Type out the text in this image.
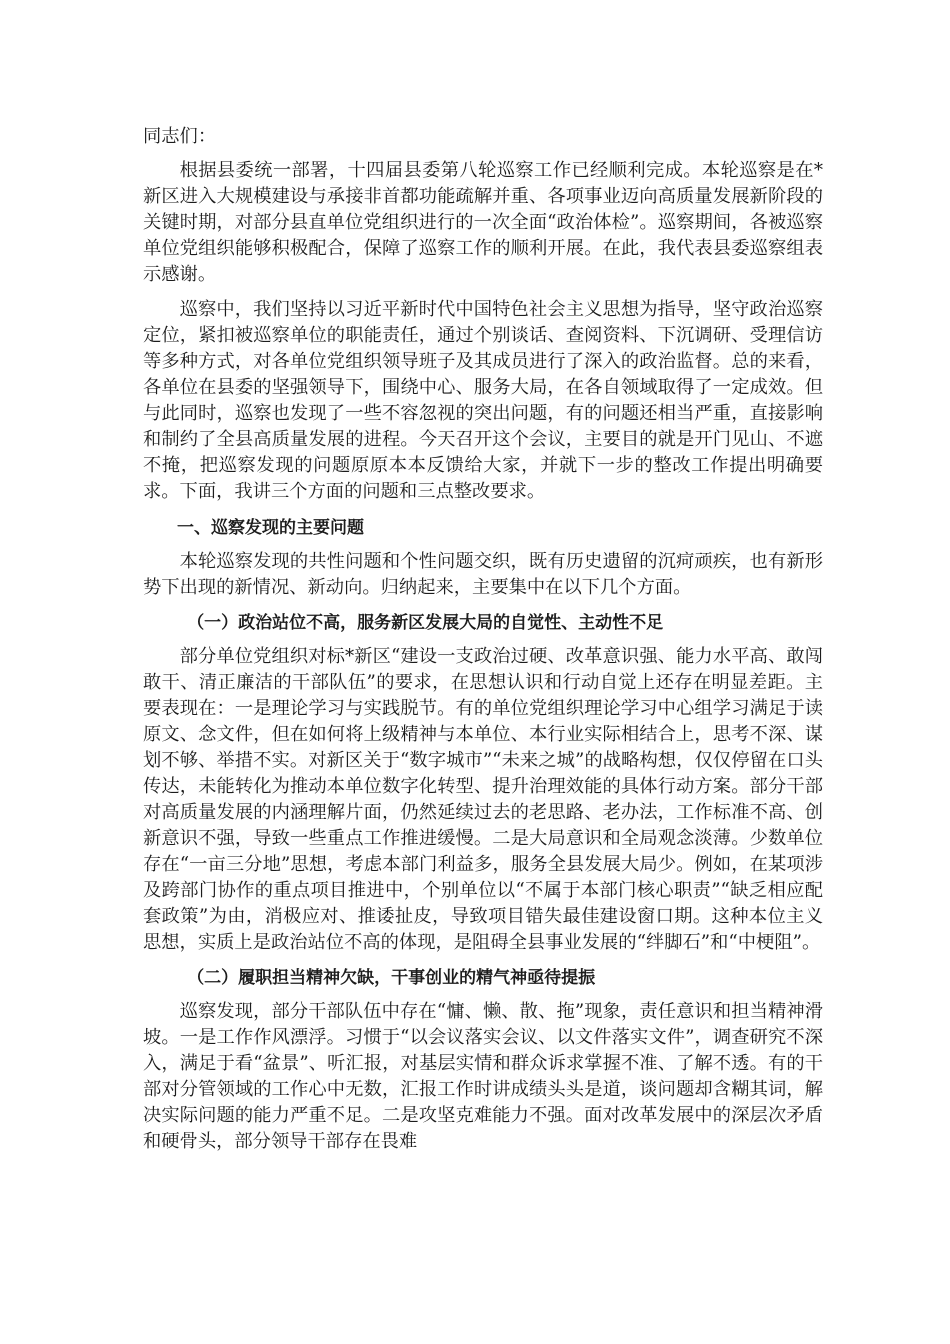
同志们：

根据县委统一部署，十四届县委第八轮巡察工作已经顺利完成。本轮巡察是在*新区进入大规模建设与承接非首都功能疏解并重、各项事业迈向高质量发展新阶段的关键时期，对部分县直单位党组织进行的一次全面“政治体检”。巡察期间，各被巡察单位党组织能够积极配合，保障了巡察工作的顺利开展。在此，我代表县委巡察组表示感谢。

巡察中，我们坚持以习近平新时代中国特色社会主义思想为指导，坚守政治巡察定位，紧扣被巡察单位的职能责任，通过个别谈话、查阅资料、下沉调研、受理信访等多种方式，对各单位党组织领导班子及其成员进行了深入的政治监督。总的来看，各单位在县委的坚强领导下，围绕中心、服务大局，在各自领域取得了一定成效。但与此同时，巡察也发现了一些不容忽视的突出问题，有的问题还相当严重，直接影响和制约了全县高质量发展的进程。今天召开这个会议，主要目的就是开门见山、不遮不掩，把巡察发现的问题原原本本反馈给大家，并就下一步的整改工作提出明确要求。下面，我讲三个方面的问题和三点整改要求。

一、巡察发现的主要问题

本轮巡察发现的共性问题和个性问题交织，既有历史遗留的沉疴顽疾，也有新形势下出现的新情况、新动向。归纳起来，主要集中在以下几个方面。

（一）政治站位不高，服务新区发展大局的自觉性、主动性不足

部分单位党组织对标*新区“建设一支政治过硬、改革意识强、能力水平高、敢闯敢干、清正廉洁的干部队伍”的要求，在思想认识和行动自觉上还存在明显差距。主要表现在：一是理论学习与实践脱节。有的单位党组织理论学习中心组学习满足于读原文、念文件，但在如何将上级精神与本单位、本行业实际相结合上，思考不深、谋划不够、举措不实。对新区关于“数字城市”“未来之城”的战略构想，仅仅停留在口头传达，未能转化为推动本单位数字化转型、提升治理效能的具体行动方案。部分干部对高质量发展的内涵理解片面，仍然延续过去的老思路、老办法，工作标准不高、创新意识不强，导致一些重点工作推进缓慢。二是大局意识和全局观念淡薄。少数单位存在“一亩三分地”思想，考虑本部门利益多，服务全县发展大局少。例如，在某项涉及跨部门协作的重点项目推进中，个别单位以“不属于本部门核心职责”“缺乏相应配套政策”为由，消极应对、推诿扯皮，导致项目错失最佳建设窗口期。这种本位主义思想，实质上是政治站位不高的体现，是阻碍全县事业发展的“绊脚石”和“中梗阻”。

（二）履职担当精神欠缺，干事创业的精气神亟待提振

巡察发现，部分干部队伍中存在“慵、懒、散、拖”现象，责任意识和担当精神滑坡。一是工作作风漂浮。习惯于“以会议落实会议、以文件落实文件”，调查研究不深入，满足于看“盆景”、听汇报，对基层实情和群众诉求掌握不准、了解不透。有的干部对分管领域的工作心中无数，汇报工作时讲成绩头头是道，谈问题却含糊其词，解决实际问题的能力严重不足。二是攻坚克难能力不强。面对改革发展中的深层次矛盾和硬骨头，部分领导干部存在畏难
